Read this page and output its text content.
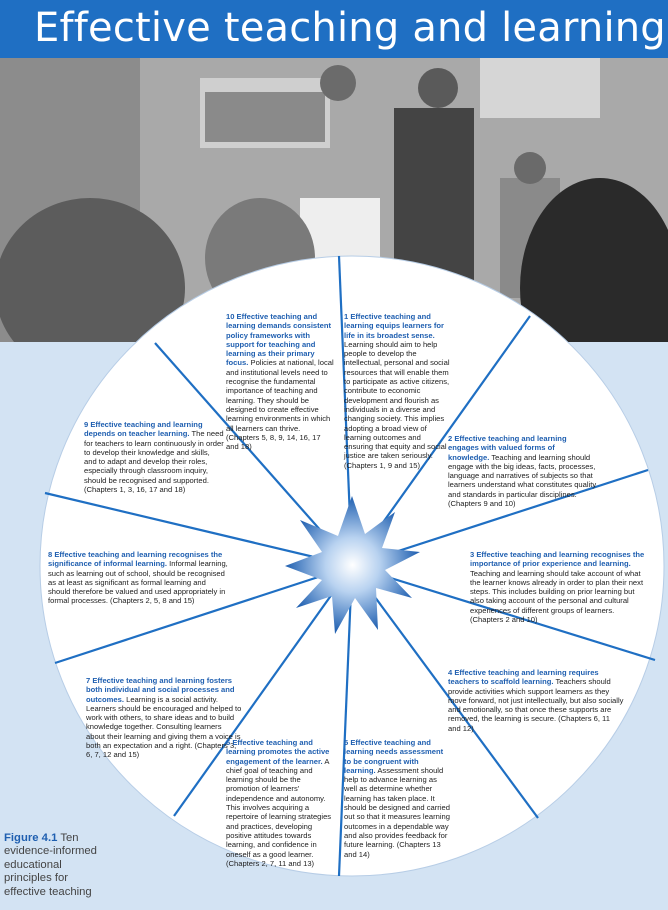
Effective teaching and learning
10 Effective teaching and learning demands consistent policy frameworks with support for teaching and learning as their primary focus. Policies at national, local and institutional levels need to recognise the fundamental importance of teaching and learning. They should be designed to create effective learning environments in which all learners can thrive. (Chapters 5, 8, 9, 14, 16, 17 and 18)
1 Effective teaching and learning equips learners for life in its broadest sense. Learning should aim to help people to develop the intellectual, personal and social resources that will enable them to participate as active citizens, contribute to economic development and flourish as individuals in a diverse and changing society. This implies adopting a broad view of learning outcomes and ensuring that equity and social justice are taken seriously. (Chapters 1, 9 and 15)
9 Effective teaching and learning depends on teacher learning. The need for teachers to learn continuously in order to develop their knowledge and skills, and to adapt and develop their roles, especially through classroom inquiry, should be recognised and supported. (Chapters 1, 3, 16, 17 and 18)
2 Effective teaching and learning engages with valued forms of knowledge. Teaching and learning should engage with the big ideas, facts, processes, language and narratives of subjects so that learners understand what constitutes quality and standards in particular disciplines. (Chapters 9 and 10)
8 Effective teaching and learning recognises the significance of informal learning. Informal learning, such as learning out of school, should be recognised as at least as significant as formal learning and should therefore be valued and used appropriately in formal processes. (Chapters 2, 5, 8 and 15)
3 Effective teaching and learning recognises the importance of prior experience and learning. Teaching and learning should take account of what the learner knows already in order to plan their next steps. This includes building on prior learning but also taking account of the personal and cultural experiences of different groups of learners. (Chapters 2 and 10)
7 Effective teaching and learning fosters both individual and social processes and outcomes. Learning is a social activity. Learners should be encouraged and helped to work with others, to share ideas and to build knowledge together. Consulting learners about their learning and giving them a voice is both an expectation and a right. (Chapters 3, 6, 7, 12 and 15)
4 Effective teaching and learning requires teachers to scaffold learning. Teachers should provide activities which support learners as they move forward, not just intellectually, but also socially and emotionally, so that once these supports are removed, the learning is secure. (Chapters 6, 11 and 12)
6 Effective teaching and learning promotes the active engagement of the learner. A chief goal of teaching and learning should be the promotion of learners' independence and autonomy. This involves acquiring a repertoire of learning strategies and practices, developing positive attitudes towards learning, and confidence in oneself as a good learner. (Chapters 2, 7, 11 and 13)
5 Effective teaching and learning needs assessment to be congruent with learning. Assessment should help to advance learning as well as determine whether learning has taken place. It should be designed and carried out so that it measures learning outcomes in a dependable way and also provides feedback for future learning. (Chapters 13 and 14)
Figure 4.1 Ten evidence-informed educational principles for effective teaching
